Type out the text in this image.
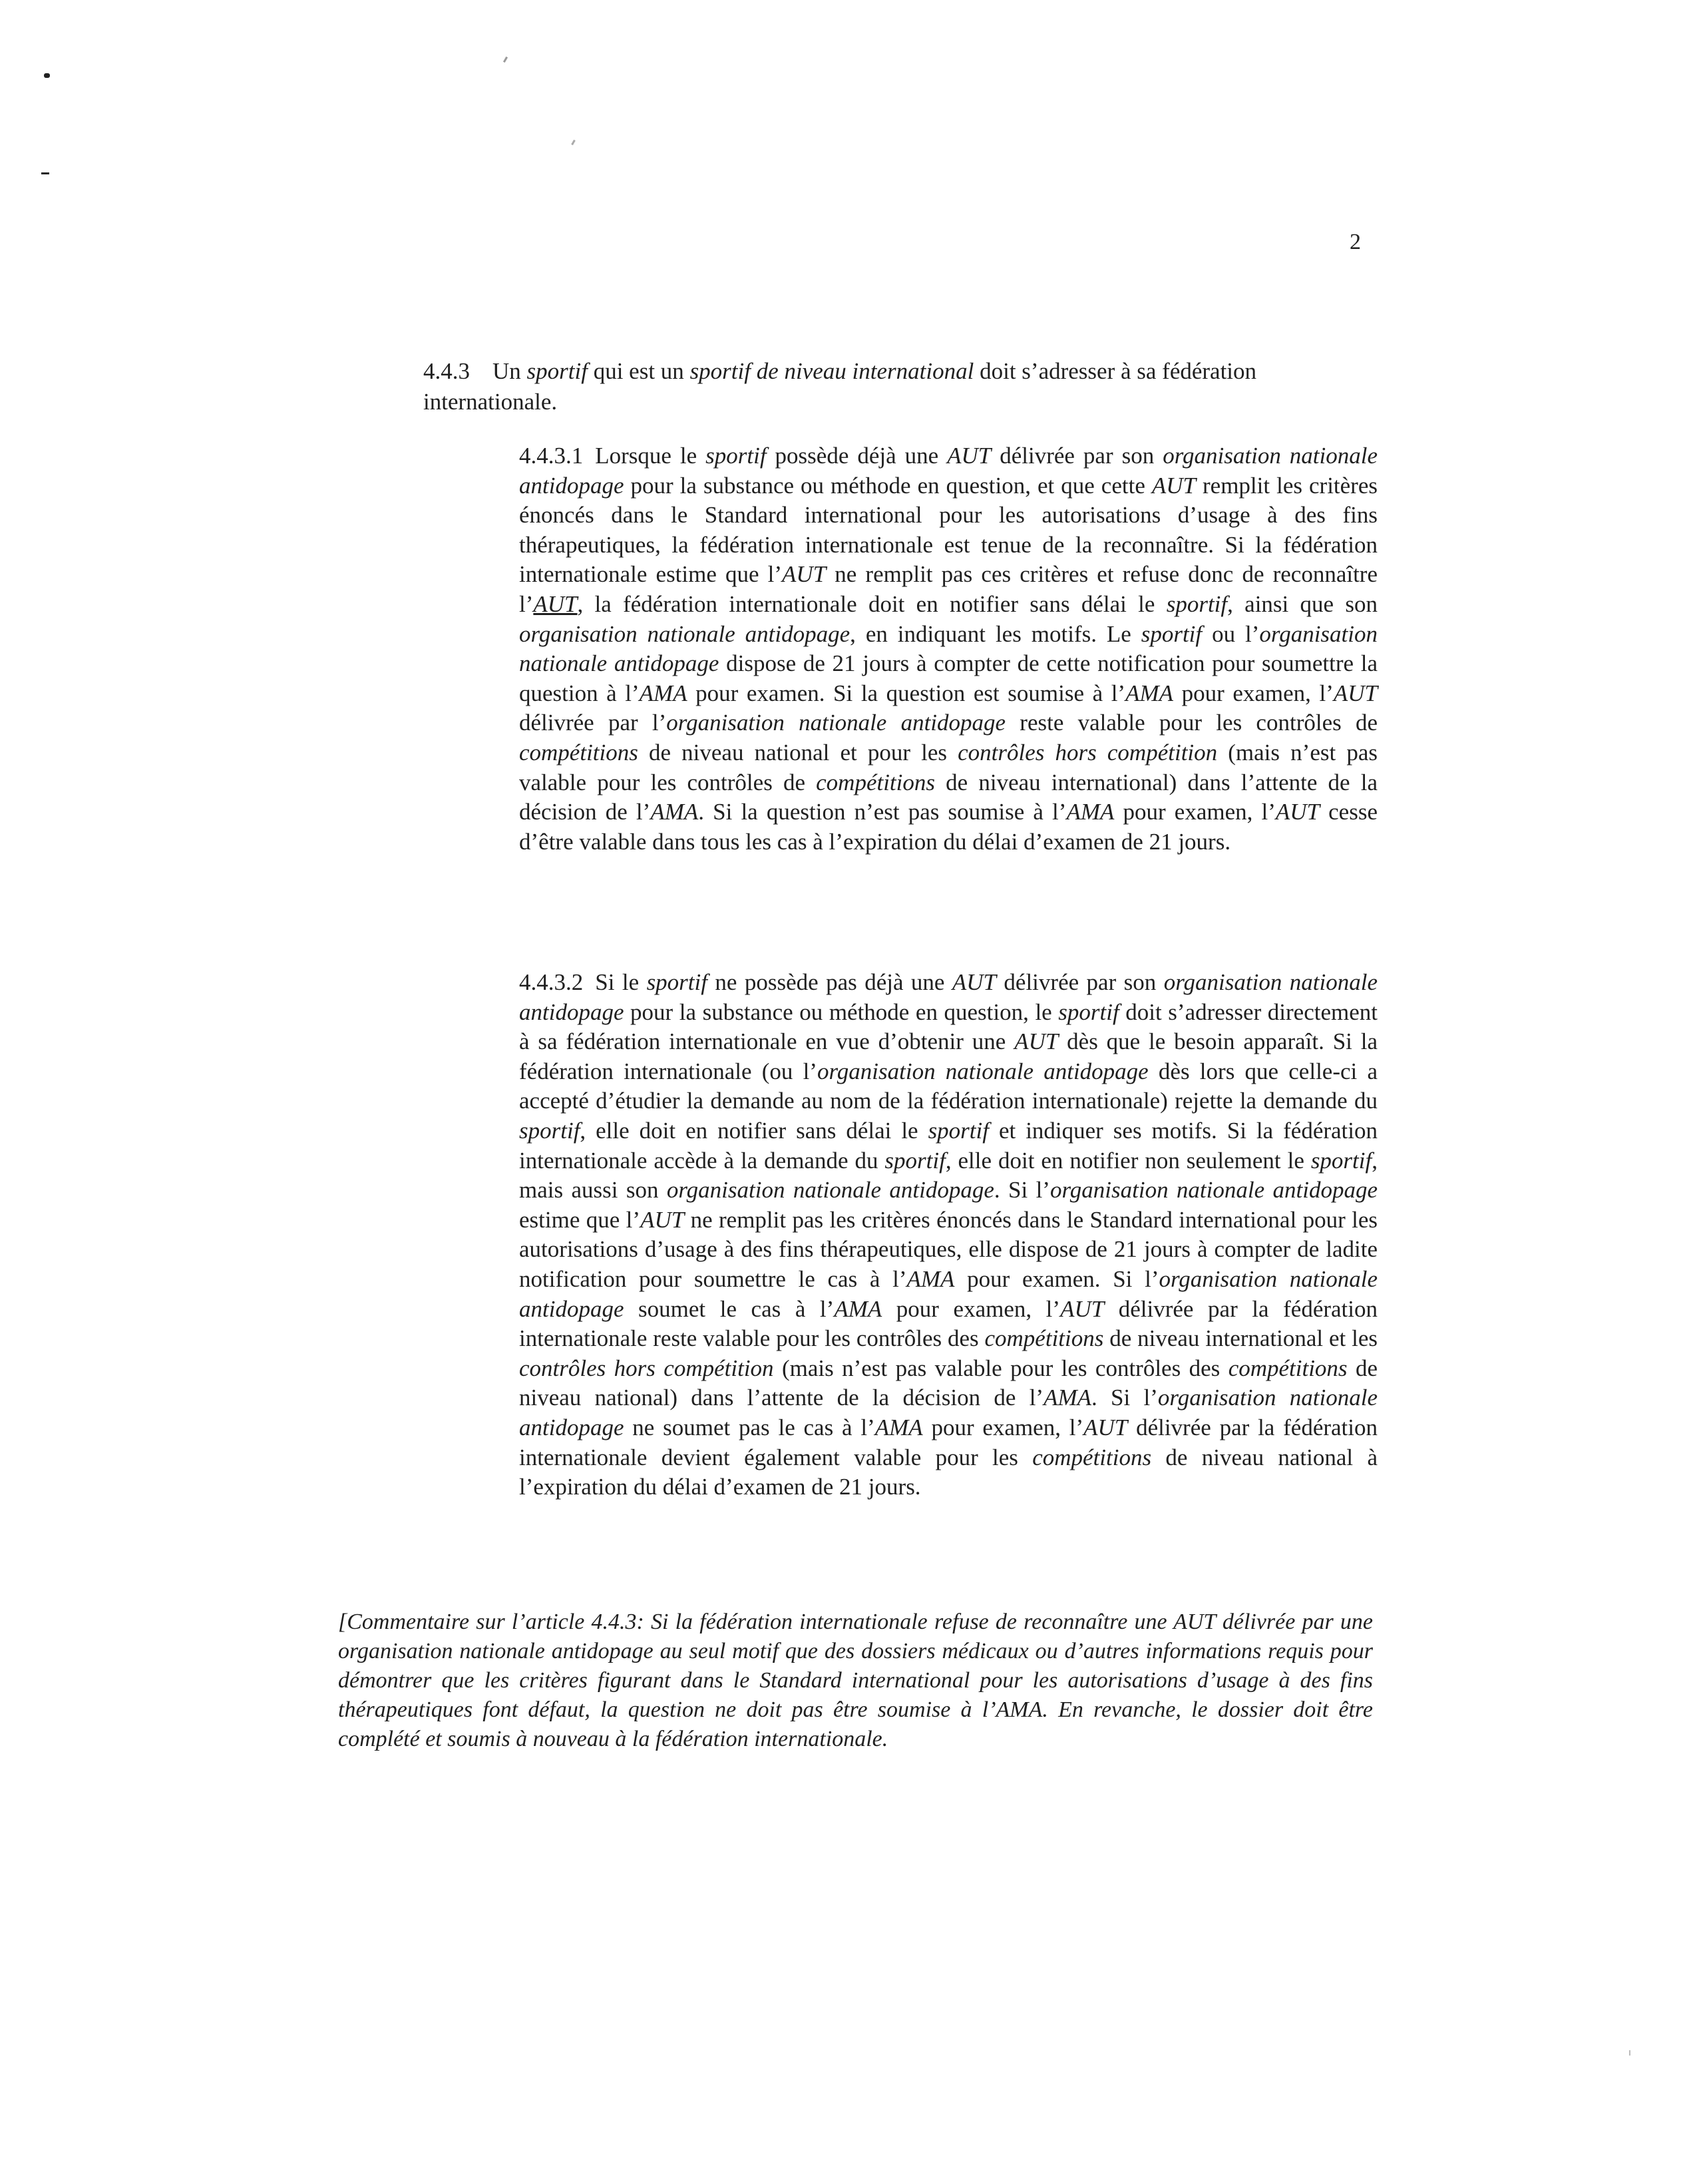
2
4.4.3 Un sportif qui est un sportif de niveau international doit s’adresser à sa fédération internationale.
4.4.3.1 Lorsque le sportif possède déjà une AUT délivrée par son organisation nationale antidopage pour la substance ou méthode en question, et que cette AUT remplit les critères énoncés dans le Standard international pour les autorisations d’usage à des fins thérapeutiques, la fédération internationale est tenue de la reconnaître. Si la fédération internationale estime que l’AUT ne remplit pas ces critères et refuse donc de reconnaître l’AUT, la fédération internationale doit en notifier sans délai le sportif, ainsi que son organisation nationale antidopage, en indiquant les motifs. Le sportif ou l’organisation nationale antidopage dispose de 21 jours à compter de cette notification pour soumettre la question à l’AMA pour examen. Si la question est soumise à l’AMA pour examen, l’AUT délivrée par l’organisation nationale antidopage reste valable pour les contrôles de compétitions de niveau national et pour les contrôles hors compétition (mais n’est pas valable pour les contrôles de compétitions de niveau international) dans l’attente de la décision de l’AMA. Si la question n’est pas soumise à l’AMA pour examen, l’AUT cesse d’être valable dans tous les cas à l’expiration du délai d’examen de 21 jours.
4.4.3.2 Si le sportif ne possède pas déjà une AUT délivrée par son organisation nationale antidopage pour la substance ou méthode en question, le sportif doit s’adresser directement à sa fédération internationale en vue d’obtenir une AUT dès que le besoin apparaît. Si la fédération internationale (ou l’organisation nationale antidopage dès lors que celle-ci a accepté d’étudier la demande au nom de la fédération internationale) rejette la demande du sportif, elle doit en notifier sans délai le sportif et indiquer ses motifs. Si la fédération internationale accède à la demande du sportif, elle doit en notifier non seulement le sportif, mais aussi son organisation nationale antidopage. Si l’organisation nationale antidopage estime que l’AUT ne remplit pas les critères énoncés dans le Standard international pour les autorisations d’usage à des fins thérapeutiques, elle dispose de 21 jours à compter de ladite notification pour soumettre le cas à l’AMA pour examen. Si l’organisation nationale antidopage soumet le cas à l’AMA pour examen, l’AUT délivrée par la fédération internationale reste valable pour les contrôles des compétitions de niveau international et les contrôles hors compétition (mais n’est pas valable pour les contrôles des compétitions de niveau national) dans l’attente de la décision de l’AMA. Si l’organisation nationale antidopage ne soumet pas le cas à l’AMA pour examen, l’AUT délivrée par la fédération internationale devient également valable pour les compétitions de niveau national à l’expiration du délai d’examen de 21 jours.
[Commentaire sur l’article 4.4.3: Si la fédération internationale refuse de reconnaître une AUT délivrée par une organisation nationale antidopage au seul motif que des dossiers médicaux ou d’autres informations requis pour démontrer que les critères figurant dans le Standard international pour les autorisations d’usage à des fins thérapeutiques font défaut, la question ne doit pas être soumise à l’AMA. En revanche, le dossier doit être complété et soumis à nouveau à la fédération internationale.
